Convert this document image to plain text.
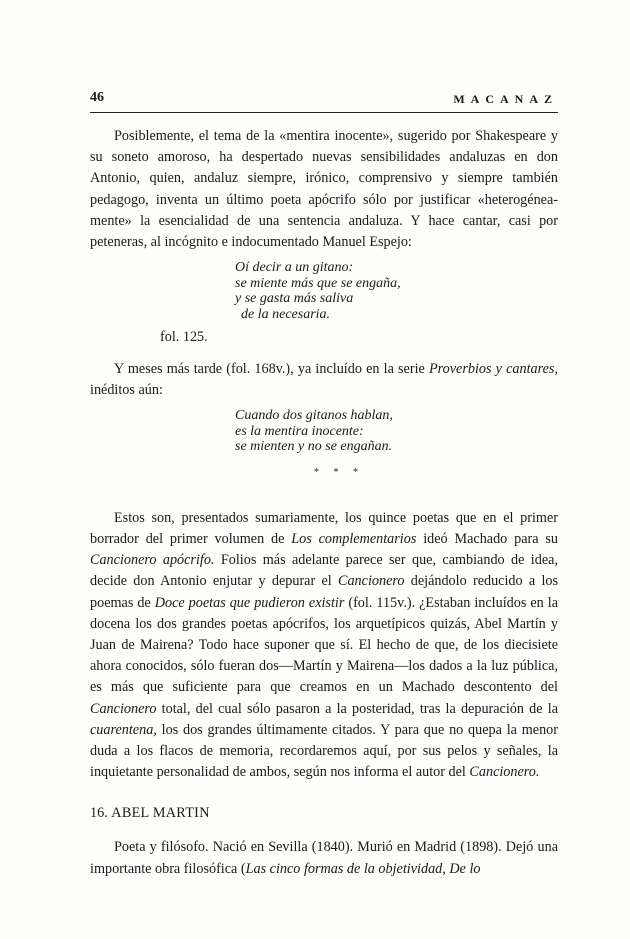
46	MACANAZ

Posiblemente, el tema de la «mentira inocente», sugerido por Shakespeare y su soneto amoroso, ha despertado nuevas sensibilidades andaluzas en don Antonio, quien, andaluz siempre, irónico, comprensivo y siempre también pedagogo, inventa un último poeta apócrifo sólo por justificar «heterogénea-mente» la esencialidad de una sentencia andaluza. Y hace cantar, casi por peteneras, al incógnito e indocumentado Manuel Espejo:

Oí decir a un gitano:
se miente más que se engaña,
y se gasta más saliva
de la necesaria.
fol. 125.

Y meses más tarde (fol. 168v.), ya incluído en la serie Proverbios y cantares, inéditos aún:

Cuando dos gitanos hablan,
es la mentira inocente:
se mienten y no se engañan.
* * *

Estos son, presentados sumariamente, los quince poetas que en el primer borrador del primer volumen de Los complementarios ideó Machado para su Cancionero apócrifo. Folios más adelante parece ser que, cambiando de idea, decide don Antonio enjutar y depurar el Cancionero dejándolo reducido a los poemas de Doce poetas que pudieron existir (fol. 115v.). ¿Estaban incluídos en la docena los dos grandes poetas apócrifos, los arquetípicos quizás, Abel Martín y Juan de Mairena? Todo hace suponer que sí. El hecho de que, de los diecisiete ahora conocidos, sólo fueran dos—Martín y Mairena—los dados a la luz pública, es más que suficiente para que creamos en un Machado descontento del Cancionero total, del cual sólo pasaron a la posteridad, tras la depuración de la cuarentena, los dos grandes últimamente citados. Y para que no quepa la menor duda a los flacos de memoria, recordaremos aquí, por sus pelos y señales, la inquietante personalidad de ambos, según nos informa el autor del Cancionero.

16. ABEL MARTIN

Poeta y filósofo. Nació en Sevilla (1840). Murió en Madrid (1898). Dejó una importante obra filosófica (Las cinco formas de la objetividad, De lo
